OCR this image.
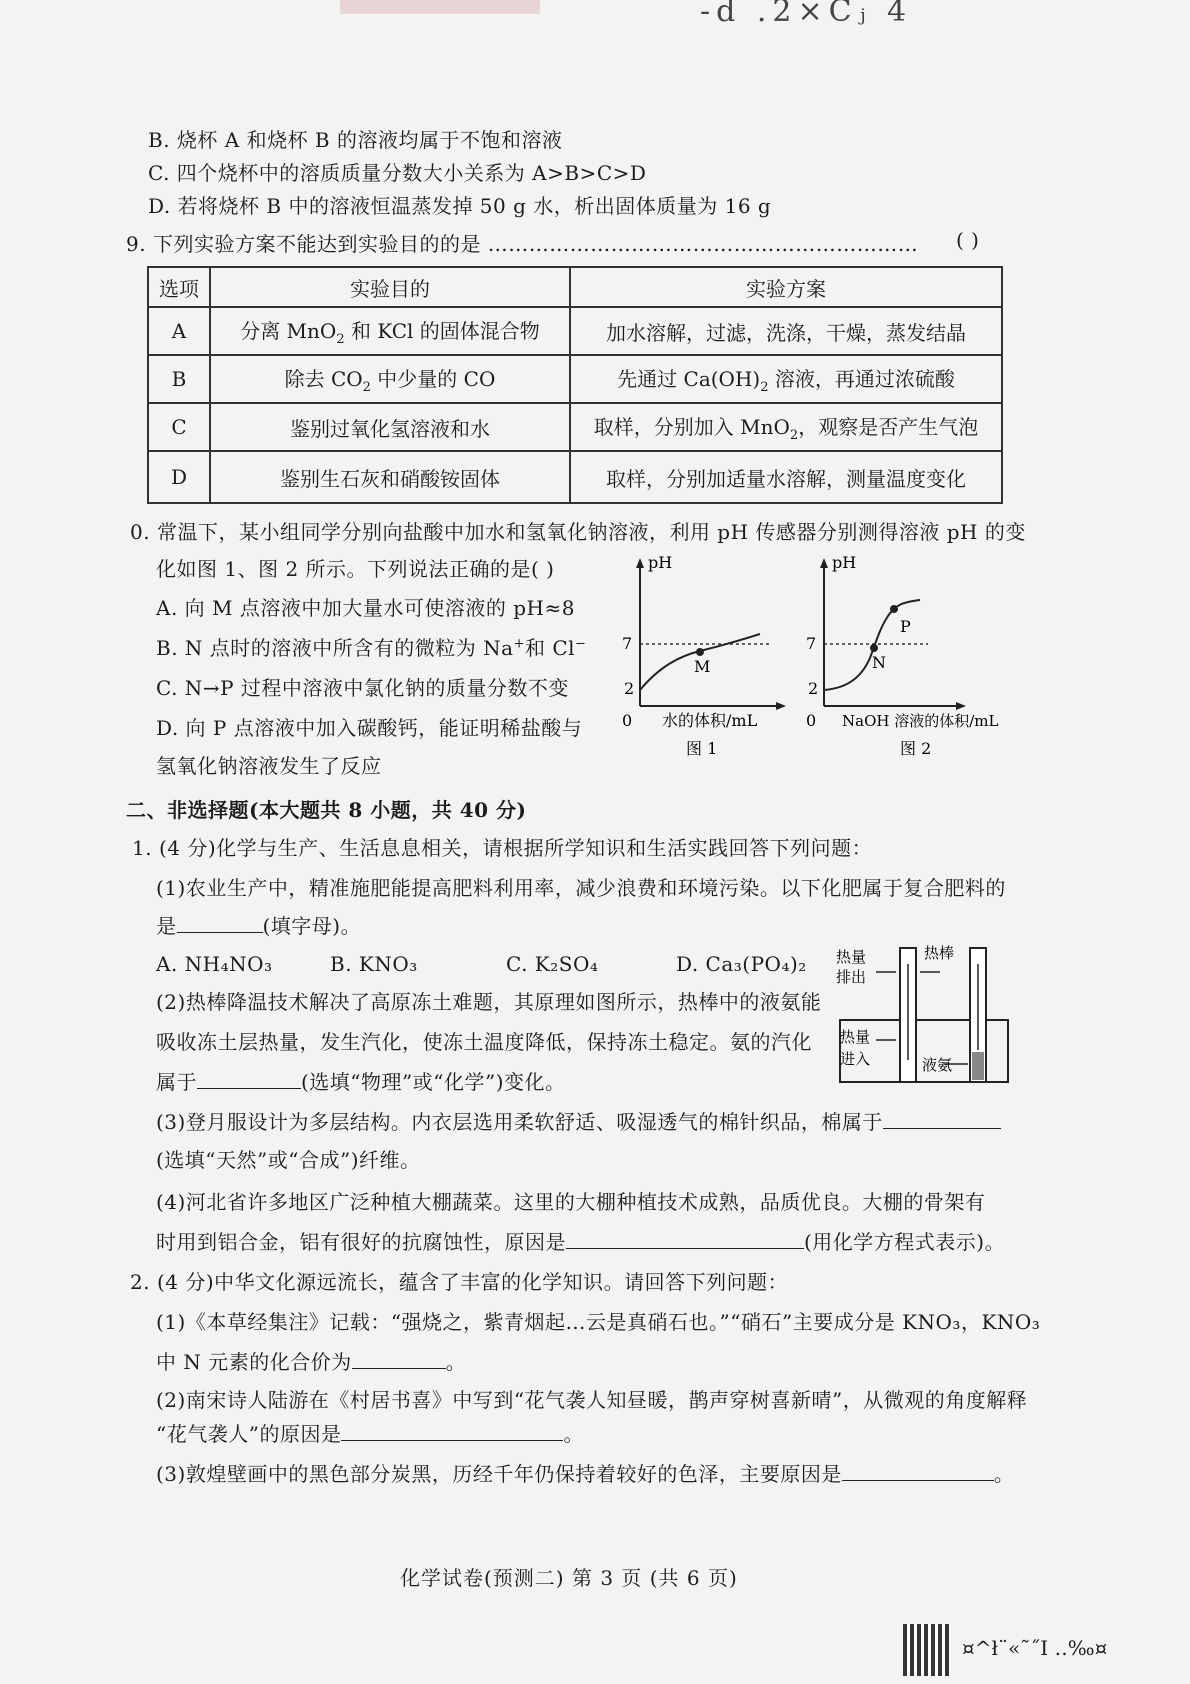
-d .2×Cⱼ 4
B. 烧杯 A 和烧杯 B 的溶液均属于不饱和溶液
C. 四个烧杯中的溶质质量分数大小关系为 A>B>C>D
D. 若将烧杯 B 中的溶液恒温蒸发掉 50 g 水，析出固体质量为 16 g
9. 下列实验方案不能达到实验目的的是 ……………………………………………………… ( )
选项	实验目的	实验方案
A	分离 MnO$_2$ 和 KCl 的固体混合物	加水溶解，过滤，洗涤，干燥，蒸发结晶
B	除去 $CO_2$ 中少量的 CO	先通过 $Ca(OH)_2$ 溶液，再通过浓硫酸
C	鉴别过氧化氢溶液和水	取样，分别加入 MnO$_2$，观察是否产生气泡
D	鉴别生石灰和硝酸铵固体	取样，分别加适量水溶解，测量温度变化
0. 常温下，某小组同学分别向盐酸中加水和氢氧化钠溶液，利用 pH 传感器分别测得溶液 pH 的变
化如图 1、图 2 所示。下列说法正确的是( )
A. 向 M 点溶液中加大量水可使溶液的 pH≈8
B. N 点时的溶液中所含有的微粒为 Na+和 Cl−
C. N→P 过程中溶液中氯化钠的质量分数不变
D. 向 P 点溶液中加入碳酸钙，能证明稀盐酸与
氢氧化钠溶液发生了反应
pH
7
2
0
M
水的体积/mL
图 1
pH
7
2
0
N
P
NaOH 溶液的体积/mL
图 2
二、非选择题(本大题共 8 小题，共 40 分)
1. (4 分)化学与生产、生活息息相关，请根据所学知识和生活实践回答下列问题：
(1)农业生产中，精准施肥能提高肥料利用率，减少浪费和环境污染。以下化肥属于复合肥料的
是	(填字母)。
A. NH₄NO₃	B. KNO₃	C. K₂SO₄	D. Ca₃(PO₄)₂
(2)热棒降温技术解决了高原冻土难题，其原理如图所示，热棒中的液氨能
吸收冻土层热量，发生汽化，使冻土温度降低，保持冻土稳定。氨的汽化
属于	(选填“物理”或“化学”)变化。
热量
排出
热棒
热量
进入	液氨
(3)登月服设计为多层结构。内衣层选用柔软舒适、吸湿透气的棉针织品，棉属于
(选填“天然”或“合成”)纤维。
(4)河北省许多地区广泛种植大棚蔬菜。这里的大棚种植技术成熟，品质优良。大棚的骨架有
时用到铝合金，铝有很好的抗腐蚀性，原因是	(用化学方程式表示)。
2. (4 分)中华文化源远流长，蕴含了丰富的化学知识。请回答下列问题：
(1)《本草经集注》记载：“强烧之，紫青烟起…云是真硝石也。”“硝石”主要成分是 KNO₃，KNO₃
中 N 元素的化合价为	。
(2)南宋诗人陆游在《村居书喜》中写到“花气袭人知昼暖，鹊声穿树喜新晴”，从微观的角度解释
“花气袭人”的原因是	。
(3)敦煌壁画中的黑色部分炭黑，历经千年仍保持着较好的色泽，主要原因是	。
化学试卷(预测二) 第 3 页 (共 6 页)
¤^ł¨«˜˝Ι ‥‰¤
